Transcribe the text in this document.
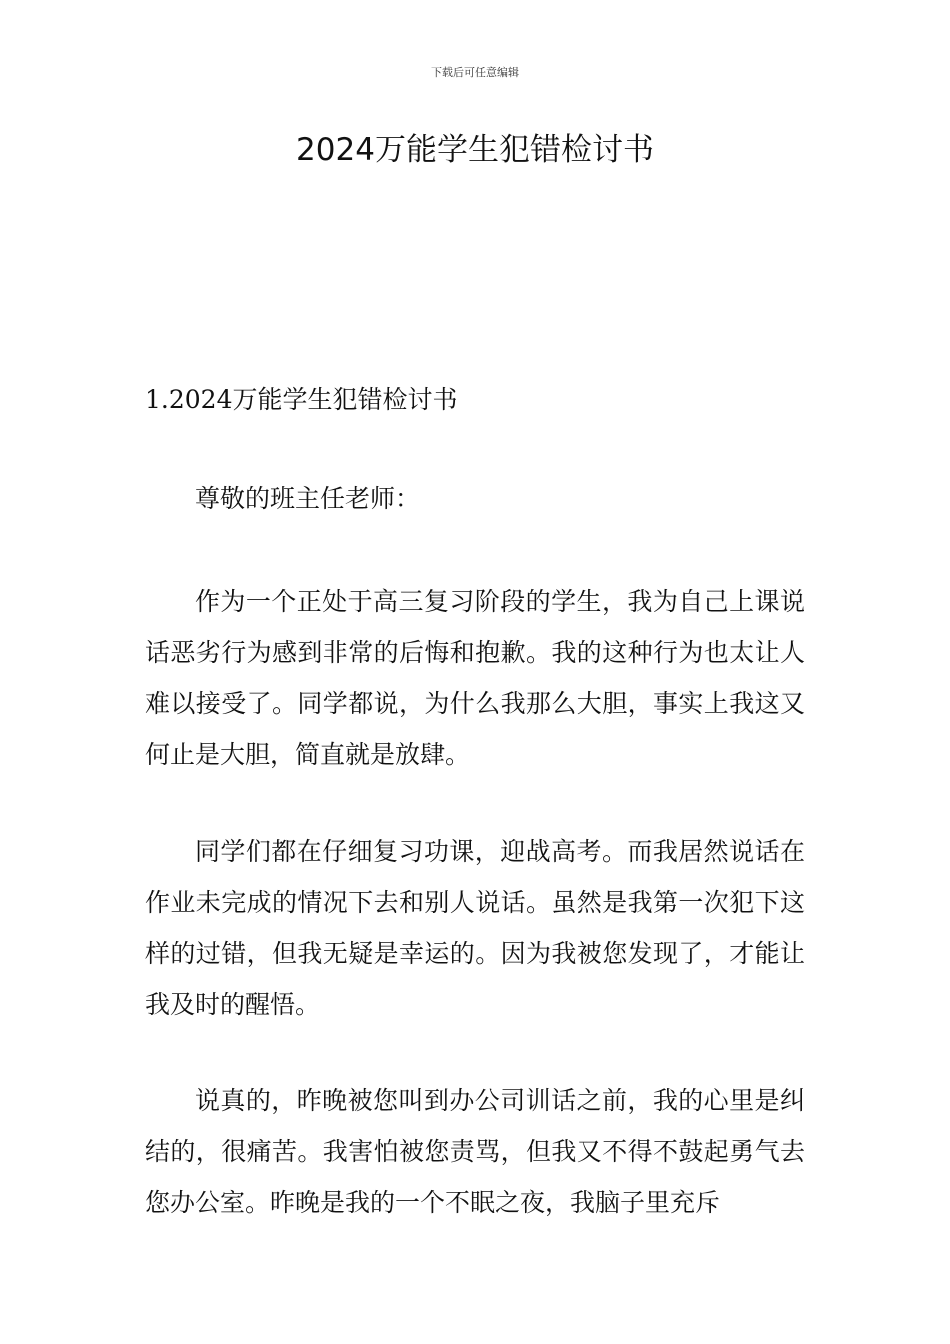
下载后可任意编辑
2024万能学生犯错检讨书

1.2024万能学生犯错检讨书

尊敬的班主任老师：

作为一个正处于高三复习阶段的学生，我为自己上课说话恶劣行为感到非常的后悔和抱歉。我的这种行为也太让人难以接受了。同学都说，为什么我那么大胆，事实上我这又何止是大胆，简直就是放肆。

同学们都在仔细复习功课，迎战高考。而我居然说话在作业未完成的情况下去和别人说话。虽然是我第一次犯下这样的过错，但我无疑是幸运的。因为我被您发现了，才能让我及时的醒悟。

说真的，昨晚被您叫到办公司训话之前，我的心里是纠结的，很痛苦。我害怕被您责骂，但我又不得不鼓起勇气去您办公室。昨晚是我的一个不眠之夜，我脑子里充斥
